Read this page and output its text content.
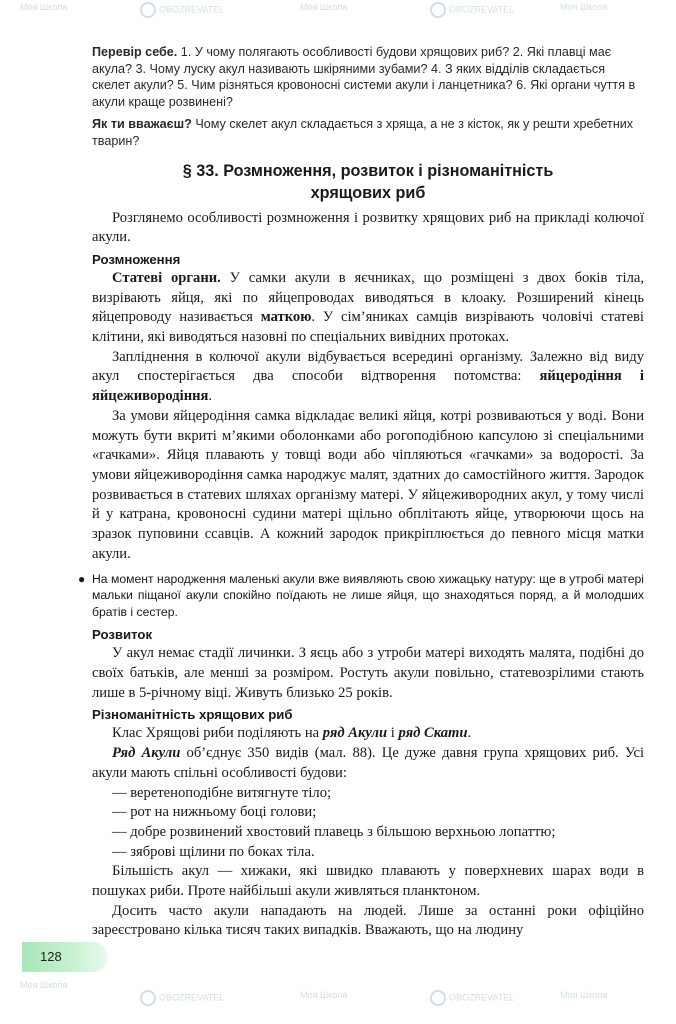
Моя Школа	OBOZREVATEL	Моя Школа	OBOZREVATEL	Моя Школа
Моя Школа
OBOZREVATEL	Моя Школа	OBOZREVATEL	Моя Школа

Перевір себе. 1. У чому полягають особливості будови хрящових риб? 2. Які плавці має акула? 3. Чому луску акул називають шкіряними зубами? 4. З яких відділів складається скелет акули? 5. Чим різняться кровоносні системи акули і ланцетника? 6. Які органи чуття в акули краще розвинені?

Як ти вважаєш? Чому скелет акул складається з хряща, а не з кісток, як у решти хребетних тварин?

§ 33. Розмноження, розвиток і різноманітність
хрящових риб

Розглянемо особливості розмноження і розвитку хрящових риб на прикладі колючої акули.

Розмноження

Статеві органи. У самки акули в яєчниках, що розміщені з двох боків тіла, визрівають яйця, які по яйцепроводах виводяться в клоаку. Розширений кінець яйцепроводу називається маткою. У сім’яниках самців визрівають чоловічі статеві клітини, які виводяться назовні по спеціальних вивідних протоках.

Запліднення в колючої акули відбувається всередині організму. Залежно від виду акул спостерігається два способи відтворення потомства: яйцеродіння і яйцеживородіння.

За умови яйцеродіння самка відкладає великі яйця, котрі розвиваються у воді. Вони можуть бути вкриті м’якими оболонками або рогоподібною капсулою зі спеціальними «гачками». Яйця плавають у товщі води або чіпляються «гачками» за водорості. За умови яйцеживородіння самка народжує малят, здатних до самостійного життя. Зародок розвивається в статевих шляхах організму матері. У яйцеживородних акул, у тому числі й у катрана, кровоносні судини матері щільно обплітають яйце, утворюючи щось на зразок пуповини ссавців. А кожний зародок прикріплюється до певного місця матки акули.

● На момент народження маленькі акули вже виявляють свою хижацьку натуру: ще в утробі матері мальки піщаної акули спокійно поїдають не лише яйця, що знаходяться поряд, а й молодших братів і сестер.
Розвиток

У акул немає стадії личинки. З яєць або з утроби матері виходять малята, подібні до своїх батьків, але менші за розміром. Ростуть акули повільно, статевозрілими стають лише в 5-річному віці. Живуть близько 25 років.

Різноманітність хрящових риб

Клас Хрящові риби поділяють на ряд Акули і ряд Скати.

Ряд Акули об’єднує 350 видів (мал. 88). Це дуже давня група хрящових риб. Усі акули мають спільні особливості будови:

— веретеноподібне витягнуте тіло;

— рот на нижньому боці голови;

— добре розвинений хвостовий плавець з більшою верхньою лопаттю;

— зяброві щілини по боках тіла.

Більшість акул — хижаки, які швидко плавають у поверхневих шарах води в пошуках риби. Проте найбільші акули живляться планктоном.

Досить часто акули нападають на людей. Лише за останні роки офіційно зареєстровано кілька тисяч таких випадків. Вважають, що на людину

128
